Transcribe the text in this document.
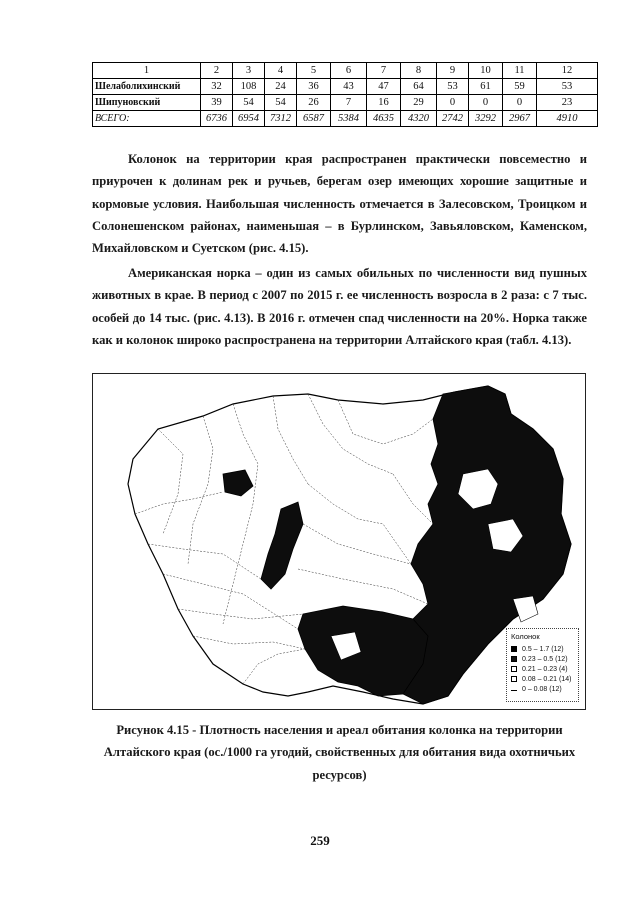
1	2	3	4	5	6	7	8	9	10	11	12
Шелаболихинский	32	108	24	36	43	47	64	53	61	59	53
Шипуновский	39	54	54	26	7	16	29	0	0	0	23
ВСЕГО:	6736	6954	7312	6587	5384	4635	4320	2742	3292	2967	4910

Колонок на территории края распространен практически повсеместно и приурочен к долинам рек и ручьев, берегам озер имеющих хорошие защитные и кормовые условия. Наибольшая численность отмечается в Залесовском, Троицком и Солонешенском районах, наименьшая – в Бурлинском, Завьяловском, Каменском, Михайловском и Суетском (рис. 4.15).

Американская норка – один из самых обильных по численности вид пушных животных в крае. В период с 2007 по 2015 г. ее численность возросла в 2 раза: с 7 тыс. особей до 14 тыс. (рис. 4.13). В 2016 г. отмечен спад численности на 20%. Норка также как и колонок широко распространена на территории Алтайского края (табл. 4.13).

Колонок
0.5 – 1.7 (12)
0.23 – 0.5 (12)
0.21 – 0.23 (4)
0.08 – 0.21 (14)
0 – 0.08 (12)
Рисунок 4.15 - Плотность населения и ареал обитания колонка на территории
Алтайского края (ос./1000 га угодий, свойственных для обитания вида охотничьих
ресурсов)
259
